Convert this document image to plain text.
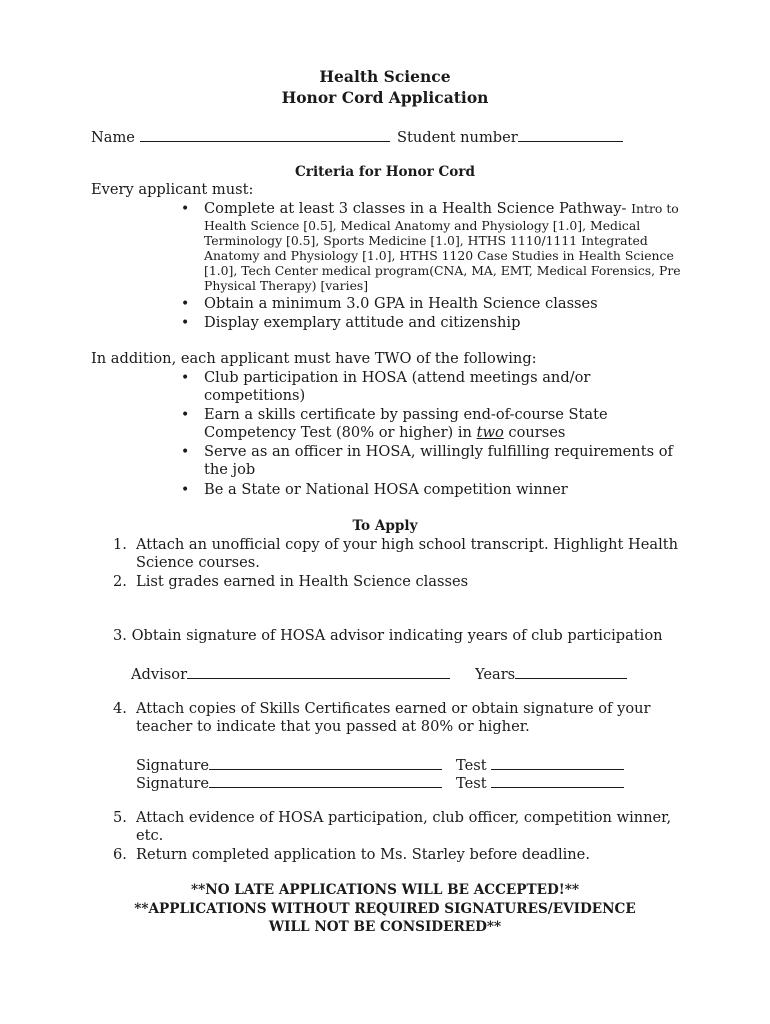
Health Science
Honor Cord Application
Name	Student number
Criteria for Honor Cord
Every applicant must:
• Complete at least 3 classes in a Health Science Pathway- Intro to
Health Science [0.5], Medical Anatomy and Physiology [1.0], Medical
Terminology [0.5], Sports Medicine [1.0], HTHS 1110/1111 Integrated
Anatomy and Physiology [1.0], HTHS 1120 Case Studies in Health Science
[1.0], Tech Center medical program(CNA, MA, EMT, Medical Forensics, Pre
Physical Therapy) [varies]
• Obtain a minimum 3.0 GPA in Health Science classes
• Display exemplary attitude and citizenship
In addition, each applicant must have TWO of the following:
• Club participation in HOSA (attend meetings and/or
competitions)
• Earn a skills certificate by passing end-of-course State
Competency Test (80% or higher) in two courses
• Serve as an officer in HOSA, willingly fulfilling requirements of
the job
• Be a State or National HOSA competition winner
To Apply
1. Attach an unofficial copy of your high school transcript. Highlight Health
Science courses.
2. List grades earned in Health Science classes
3. Obtain signature of HOSA advisor indicating years of club participation
Advisor	Years
4. Attach copies of Skills Certificates earned or obtain signature of your
teacher to indicate that you passed at 80% or higher.
Signature	Test
Signature	Test
5. Attach evidence of HOSA participation, club officer, competition winner,
etc.
6. Return completed application to Ms. Starley before deadline.
**NO LATE APPLICATIONS WILL BE ACCEPTED!**
**APPLICATIONS WITHOUT REQUIRED SIGNATURES/EVIDENCE
WILL NOT BE CONSIDERED**
